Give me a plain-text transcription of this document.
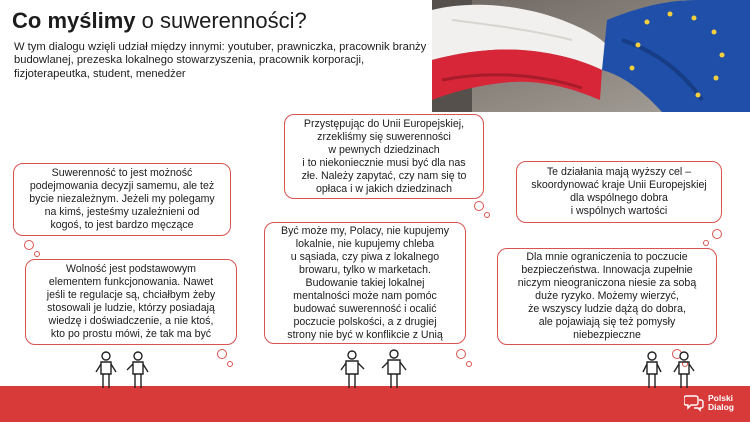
Co myślimy o suwerenności?
W tym dialogu wzięli udział między innymi: youtuber, prawniczka, pracownik branży budowlanej, prezeska lokalnego stowarzyszenia, pracownik korporacji, fizjoterapeutka, student, menedżer

Suwerenność to jest możność
podejmowania decyzji samemu, ale też
bycie niezależnym. Jeżeli my polegamy
na kimś, jesteśmy uzależnieni od
kogoś, to jest bardzo męczące

Wolność jest podstawowym
elementem funkcjonowania. Nawet
jeśli te regulacje są, chciałbym żeby
stosowali je ludzie, którzy posiadają
wiedzę i doświadczenie, a nie ktoś,
kto po prostu mówi, że tak ma być

Przystępując do Unii Europejskiej,
zrzekliśmy się suwerenności
w pewnych dziedzinach
i to niekoniecznie musi być dla nas
złe. Należy zapytać, czy nam się to
opłaca i w jakich dziedzinach

Być może my, Polacy, nie kupujemy
lokalnie, nie kupujemy chleba
u sąsiada, czy piwa z lokalnego
browaru, tylko w marketach.
Budowanie takiej lokalnej
mentalności może nam pomóc
budować suwerenność i ocalić
poczucie polskości, a z drugiej
strony nie być w konflikcie z Unią

Te działania mają wyższy cel –
skoordynować kraje Unii Europejskiej
dla wspólnego dobra
i wspólnych wartości

Dla mnie ograniczenia to poczucie
bezpieczeństwa. Innowacja zupełnie
niczym nieograniczona niesie za sobą
duże ryzyko. Możemy wierzyć,
że wszyscy ludzie dążą do dobra,
ale pojawiają się też pomysły
niebezpieczne

Polski
Dialog
